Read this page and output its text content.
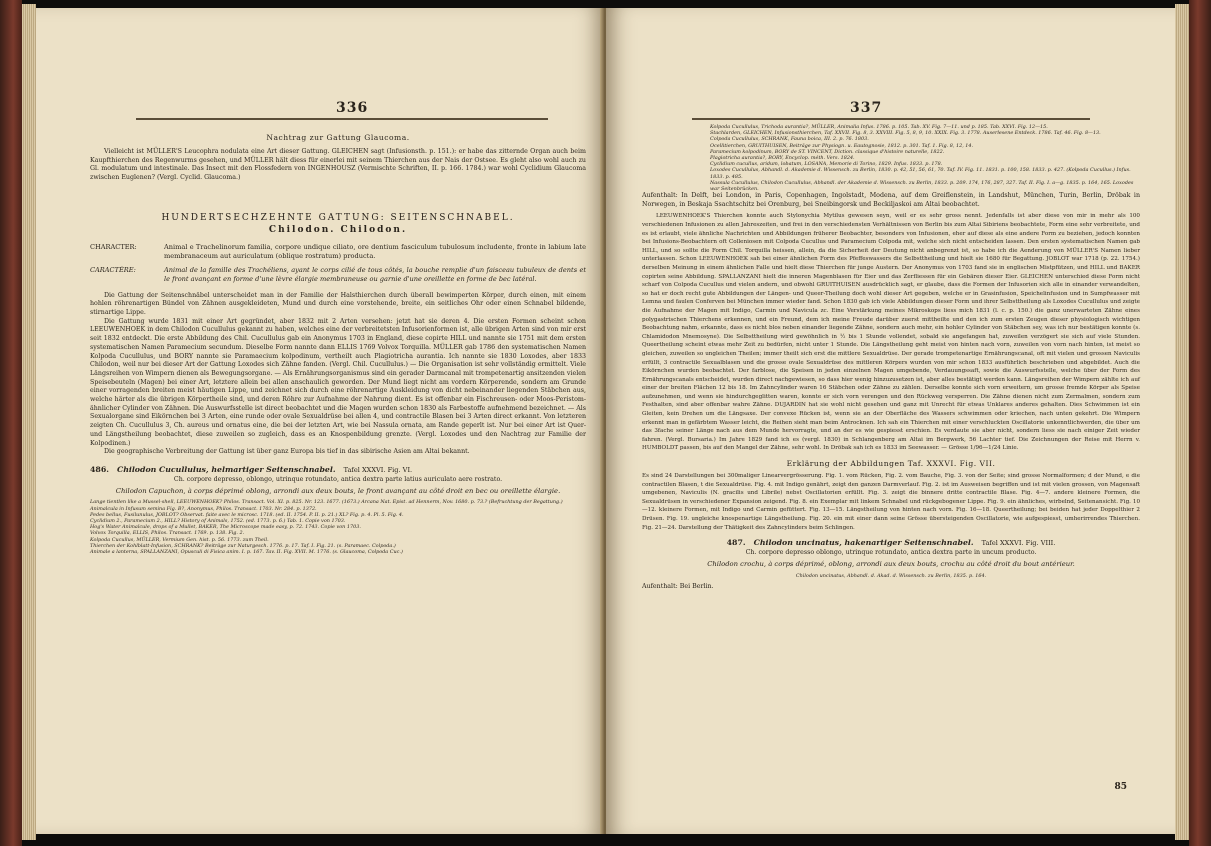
336

Nachtrag zur Gattung Glaucoma.

Vielleicht ist MÜLLER'S Leucophra nodulata eine Art dieser Gattung. GLEICHEN sagt (Infusionsth. p. 151.): er habe das zitternde Organ auch beim Kaupfthierchen des Regenwurms gesehen, und MÜLLER hält diess für einerlei mit seinem Thierchen aus der Nais der Ostsee. Es gleht also wohl auch zu Gl. modulatum und intestinale. Das Insect mit den Flossfedern von INGENHOUSZ (Vermischte Schriften, II. p. 166. 1784.) war wohl Cyclidium Glaucoma zwischen Euglenen? (Vergl. Cyclid. Glaucoma.)

HUNDERTSECHZEHNTE GATTUNG: SEITENSCHNABEL.

Chilodon. Chilodon.

CHARACTER:	Animal e Trachelinorum familia, corpore undique ciliato, ore dentium fasciculum tubulosum includente, fronte in labium late membranaceum aut auriculatum (oblique rostratum) producta.
CARACTÈRE:	Animal de la famille des Trachéliens, ayant le corps cilié de tous côtés, la bouche remplie d'un faisceau tubuleux de dents et le front avançant en forme d'une lèvre élargie membraneuse ou garnie d'une oreillette en forme de bec latéral.

Die Gattung der Seitenschnäbel unterscheidet man in der Familie der Halsthierchen durch überall bewimperten Körper, durch einen, mit einem hohlen röhrenartigen Bündel von Zähnen ausgekleideten, Mund und durch eine vorstehende, breite, ein seitliches Ohr oder einen Schnabel bildende, stirnartige Lippe.

Die Gattung wurde 1831 mit einer Art gegründet, aber 1832 mit 2 Arten versehen: jetzt hat sie deren 4. Die ersten Formen scheint schon LEEUWENHOEK in dem Chilodon Cucullulus gekannt zu haben, welches eine der verbreitetsten Infusorienformen ist, alle übrigen Arten sind von mir erst seit 1832 entdeckt. Die erste Abbildung des Chil. Cucullulus gab ein Anonymus 1703 in England, diese copirte HILL und nannte sie 1751 mit dem ersten systematischen Namen Paramecium secundum. Dieselbe Form nannte dann ELLIS 1769 Volvox Torquilla. MÜLLER gab 1786 den systematischen Namen Kolpoda Cucullulus, und BORY nannte sie Paramaecium kolpodinum, vertheilt auch Plagiotricha aurantia. Ich nannte sie 1830 Loxodes, aber 1833 Chilodon, weil nur bei dieser Art der Gattung Loxodes sich Zähne fanden. (Vergl. Chil. Cucullulus.) — Die Organisation ist sehr vollständig ermittelt. Viele Längsreihen von Wimpern dienen als Bewegungsorgane. — Als Ernährungsorganismus sind ein gerader Darmcanal mit trompetenartig ansitzenden vielen Speisebeuteln (Magen) bei einer Art, letztere allein bei allen anschaulich geworden. Der Mund liegt nicht am vordern Körperende, sondern am Grunde einer vorragenden breiten meist häutigen Lippe, und zeichnet sich durch eine röhrenartige Auskleidung von dicht nebeinander liegenden Stäbchen aus, welche härter als die übrigen Körpertheile sind, und deren Röhre zur Aufnahme der Nahrung dient. Es ist offenbar ein Fischreusen- oder Moos-Peristom-ähnlicher Cylinder von Zähnen. Die Auswurfsstelle ist direct beobachtet und die Magen wurden schon 1830 als Farbestoffe aufnehmend bezeichnet. — Als Sexualorgane sind Eikörnchen bei 3 Arten, eine runde oder ovale Sexualdrüse bei allen 4, und contractile Blasen bei 3 Arten direct erkannt. Von letzteren zeigten Ch. Cucullulus 3, Ch. aureus und ornatus eine, die bei der letzten Art, wie bei Nassula ornata, am Rande geperlt ist. Nur bei einer Art ist Quer- und Längstheilung beobachtet, diese zuweilen so zugleich, dass es an Knospenbildung grenzte. (Vergl. Loxodes und den Nachtrag zur Familie der Kolpodinen.)

Die geographische Verbreitung der Gattung ist über ganz Europa bis tief in das sibirische Asien am Altai bekannt.

486. Chilodon Cucullulus, helmartiger Seitenschnabel. Tafel XXXVI. Fig. VI.

Ch. corpore depresso, oblongo, utrinque rotundato, antica dextra parte latius auriculato aere rostrato.

Chilodon Capuchon, à corps déprimé oblong, arrondi aux deux bouts, le front avançant au côté droit en bec ou oreillette élargie.

Lange tientlen like a Mussel-shell, LEEUWENHOEK? Philos. Transact. Vol. XI. p. 825. Nr. 123. 1677. (1673.) Arcana Nat. Epist. ad Hennerm, Nov. 1680. p. 73.? (Befruchtung der Begattung.)

Animalcula in Infusum semina Fig. B?, Anonymus, Philos. Transact. 1703. Nr. 284. p. 1372.

Pedes bellus, Fusilunulus, JOBLOT? Observat. faite avec le microsc. 1718. (ed. II. 1754. P. II. p. 21.) XL? Fig. p. 4. Pl. 5. Fig. 4.

Cyclidium 2., Paramecium 2., HILL? History of Animals, 1752. (ed. 1773. p. 6.) Tab. 1. Copie von 1703.

Hog's Water Animalcule, drops of a Mullet, BAKER, The Microscope made easy, p. 72. 1743. Copie von 1703.

Volvox Torquilla, ELLIS, Philos. Transact. 1769. p. 138. Fig. 2.

Kolpoda Cucullus, MÜLLER, Vermium Gen. hist. p. 56. 1773. zum Theil.

Thierchen der Kohlblatt-Infusion, SCHRANK? Beiträge zur Naturgesch. 1776. p. 17. Taf. I. Fig. 21. (s. Paramaec. Colpoda.)

Animale a lanterna, SPALLANZANI, Opusculi di Fisica anim. I. p. 167. Tav. II. Fig. XVII. M. 1776. (s. Glaucoma, Colpoda Cuc.)

337

Kolpoda Cucullulus, Trichoda aurantia?, MÜLLER, Animalia Infus. 1786. p. 105. Tab. XV. Fig. 7—11. und p. 185. Tab. XXVI. Fig. 12—15.

Stachlarden, GLEICHEN, Infusionsthierchen, Taf. XXVII. Fig. 8, 3. XXVIII. Fig. 5, 8, 9, 10. XXIX. Fig. 3. 1778. Auserlesene Entdeck. 1786. Taf. 46. Fig. 8—13.

Colpoda Cucullulus, SCHRANK, Fauna boica, III. 2. p. 76. 1803.

Ocellitierchen, GRUITHUISEN, Beiträge zur Physiogn. u. Eautognosie, 1812. p. 301. Taf. 1. Fig. 8, 12, 14.

Paramecium kolpodinum, BORY de ST. VINCENT, Diction. classique d'histoire naturelle, 1822.

Plagiotricha aurantia?, BORY, Encyclop. méth. Vers. 1824.

Cyclidium cucullus, aridum, lobatum, LOSANA, Memorie di Torino, 1829. Infus. 1833. p. 178.

Loxodes Cucullulus, Abhandl. d. Akademie d. Wissensch. zu Berlin, 1830. p. 42, 51, 56, 61, 70. Taf. IV. Fig. 11. 1831. p. 100, 158. 1833. p. 427. (Kolpoda Cucullus.) Infus. 1833. p. 485.

Nassula Cucullulus, Chilodon Cucullulus, Abhandl. der Akademie d. Wissensch. zu Berlin, 1833. p. 209. 174, 176, 287, 327. Taf. II. Fig. I. a—g. 1835. p. 164, 165. Loxodes war Seitenbrücken.

Aufenthalt: In Delft, bei London, in Paris, Copenhagen, Ingolstadt, Modena, auf dem Greiflenstein, in Landshut, München, Turin, Berlin, Dröbak in Norwegen, in Beskaja Ssachtschitz bei Orenburg, bei Sneibingorsk und Beckiljaskoi am Altai beobachtet.

LEEUWENHOEK'S Thierchen konnte auch Stylonychia Mytilus gewesen seyn, weil er es sehr gross nennt. Jedenfalls ist aber diese von mir in mehr als 100 verschiedenen Infusionen zu allen Jahreszeiten, und frei in den verschiedensten Verhältnissen von Berlin bis zum Altai Sibiriens beobachtete, Form eine sehr verbreitete, und es ist erlaubt, viele ähnliche Nachrichten und Abbildungen früherer Beobachter, besonders von Infusionen, eher auf diese als eine andere Form zu beziehen, jedoch konnten bei Infusions-Beobachtern oft Colleniosen mit Colpoda Cucullus und Paramecium Colpoda mit, welche sich nicht entscheiden lassen. Den ersten systematischen Namen gab HILL, und so sollte die Form Chil. Torquilla heissen, allein, da die Sicherheit der Deutung nicht anbegrenzt ist, so habe ich die Aenderung von MÜLLER'S Namen lieber unterlassen. Schon LEEUWENHOEK sah bei einer ähnlichen Form des Pfeffeswassers die Selbsttheilung und hielt sie 1680 für Begattung. JOBLOT war 1718 (p. 22. 1754.) derselben Meinung in einem ähnlichen Falle und hielt diese Thierchen für junge Austern. Der Anonymus von 1703 fand sie in englischen Mistpfützen, und HILL und BAKER copirten seine Abbildung. SPALLANZANI hielt die inneren Magenblasen für Eier und das Zerfliessen für ein Gebären dieser Eier. GLEICHEN unterschied diese Form nicht scharf von Colpoda Cucullus und vielen andern, und obwohl GRUITHUISEN ausdrücklich sagt, er glaube, dass die Formen der Infusorien sich alle in einander verwandelten, so hat er doch recht gute Abbildungen der Längen- und Queer-Theilung doch wohl dieser Art gegeben, welche er in Grasinfusion, Speichelinfusion und in Sumpfwasser mit Lemna und faulen Conferven bei München immer wieder fand. Schon 1830 gab ich viele Abbildungen dieser Form und ihrer Selbsttheilung als Loxodes Cucullulus und zeigte die Aufnahme der Magen mit Indigo, Carmin und Navicula zc. Eine Verstärkung meines Mikroskops liess mich 1831 (l. c. p. 150.) die ganz unerwarteten Zähne eines polygastrischen Thierchens erkennen, und ein Freund, dem ich meine Freude darüber zuerst mittheilte und den ich zum ersten Zeugen dieser physiologisch wichtigen Beobachtung nahm, erkannte, dass es nicht blos neben einander liegende Zähne, sondern auch mehr, ein hohler Cylinder von Stäbchen sey, was ich nur bestätigen konnte (s. Chlamidodon Mnemosyne). Die Selbsttheilung wird gewöhnlich in ½ bis 1 Stunde vollendet, sobald sie angefangen hat, zuweilen verzögert sie sich auf viele Stunden. Queertheilung scheint etwas mehr Zeit zu bedürfen, nicht unter 1 Stunde. Die Längstheilung geht meist von hinten nach vorn, zuweilen von vorn nach hinten, ist meist so gleichen, zuweilen so ungleichen Theilen; immer theilt sich erst die mittlere Sexualdrüse. Der gerade trompetenartige Ernährungscanal, oft mit vielen und grossen Naviculis erfüllt, 3 contractile Sexualblasen und die grosse ovale Sexualdrüse des mittleren Körpers wurden von mir schon 1833 ausführlich beschrieben und abgebildet. Auch die Eikörnchen wurden beobachtet. Der farblose, die Speisen in jeden einzelnen Magen umgebende, Verdauungssaft, sowie die Auswurfsstelle, welche über der Form des Ernährungscanals entscheidet, wurden direct nachgewiesen, so dass hier wenig hinzuzusetzen ist, aber alles bestätigt werden kann. Längsreihen der Wimpern zählte ich auf einer der breiten Flächen 12 bis 18. Im Zahncylinder waren 16 Stäbchen oder Zähne zu zählen. Derselbe konnte sich vorn erweitern, um grosse fremde Körper als Speise aufzunehmen, und wenn sie hindurchgeglitten waren, konnte er sich vorn verengen und den Rückweg versperren. Die Zähne dienen nicht zum Zermalmen, sondern zum Festhalten, sind aber offenbar wahre Zähne. DUJARDIN hat sie wohl nicht gesehen und ganz mit Unrecht für etwas Unklares anderes gehalten. Dies Schwimmen ist ein Gleiten, kein Drehen um die Längsaxe. Der convexe Rücken ist, wenn sie an der Oberfläche des Wassers schwimmen oder kriechen, nach unten gekehrt. Die Wimpern erkennt man in gefärbtem Wasser leicht, die Reihen sieht man beim Antrocknen. Ich sah ein Thierchen mit einer verschluckten Oscillatorie unkenntlichwerden, die über um das 3fache seiner Länge nach aus dem Munde hervorragte, und an der es wie gespiesst erschien. Es verdaute sie aber nicht, sondern liess sie nach einiger Zeit wieder fahren. (Vergl. Bursaria.) Im Jahre 1829 fand ich es (vergl. 1830) in Schlangenberg am Altai im Bergwerk, 56 Lachter tief. Die Zeichnungen der Reise mit Herrn v. HUMBOLDT passen, bis auf den Mangel der Zähne, sehr wohl. In Dröbak sah ich es 1833 im Seewasser. — Grösse 1/96—1/24 Linie.

Erklärung der Abbildungen Taf. XXXVI. Fig. VII.

Es sind 24 Darstellungen bei 300maliger Linearvergrösserung. Fig. 1. vom Rücken, Fig. 2. vom Bauche, Fig. 3. von der Seite; sind grosse Normalformen; d der Mund, e die contractilen Blasen, t die Sexualdrüse. Fig. 4. mit Indigo genährt, zeigt den ganzen Darmverlauf. Fig. 2. ist im Ausweisen begriffen und ist mit vielen grossen, von Magensaft umgebenen, Naviculis (N. gracilis und Librile) nebst Oscillatorien erfüllt. Fig. 3. zeigt die binnere dritte contractile Blase. Fig. 4—7. andere kleinere Formen, die Sexualdrüsen in verschiedener Expansion zeigend. Fig. 8. ein Exemplar mit linkem Schnabel und rückgebogener Lippe. Fig. 9. ein ähnliches, wirbelnd, Seitenansicht. Fig. 10—12. kleinere Formen, mit Indigo und Carmin gefüttert. Fig. 13—15. Längstheilung von hinten nach vorn. Fig. 16—18. Queertheilung; bei beiden hat jeder Doppelthier 2 Drüsen. Fig. 19. ungleiche knospenartige Längstheilung. Fig. 20. ein mit einer dann seine Grösse übersteigenden Oscillatorie, wie aufgespiesst, umherirrendes Thierchen. Fig. 21—24. Darstellung der Thätigkeit des Zahncylinders beim Schlingen.

487. Chilodon uncinatus, hakenartiger Seitenschnabel. Tafel XXXVI. Fig. VIII.

Ch. corpore depresso oblongo, utrinque rotundato, antica dextra parte in uncum producto.

Chilodon crochu, à corps déprimé, oblong, arrondi aux deux bouts, crochu au côté droit du bout antérieur.

Chilodon uncinatus, Abhandl. d. Akad. d. Wissensch. zu Berlin, 1835. p. 164.

Aufenthalt: Bei Berlin.

85
